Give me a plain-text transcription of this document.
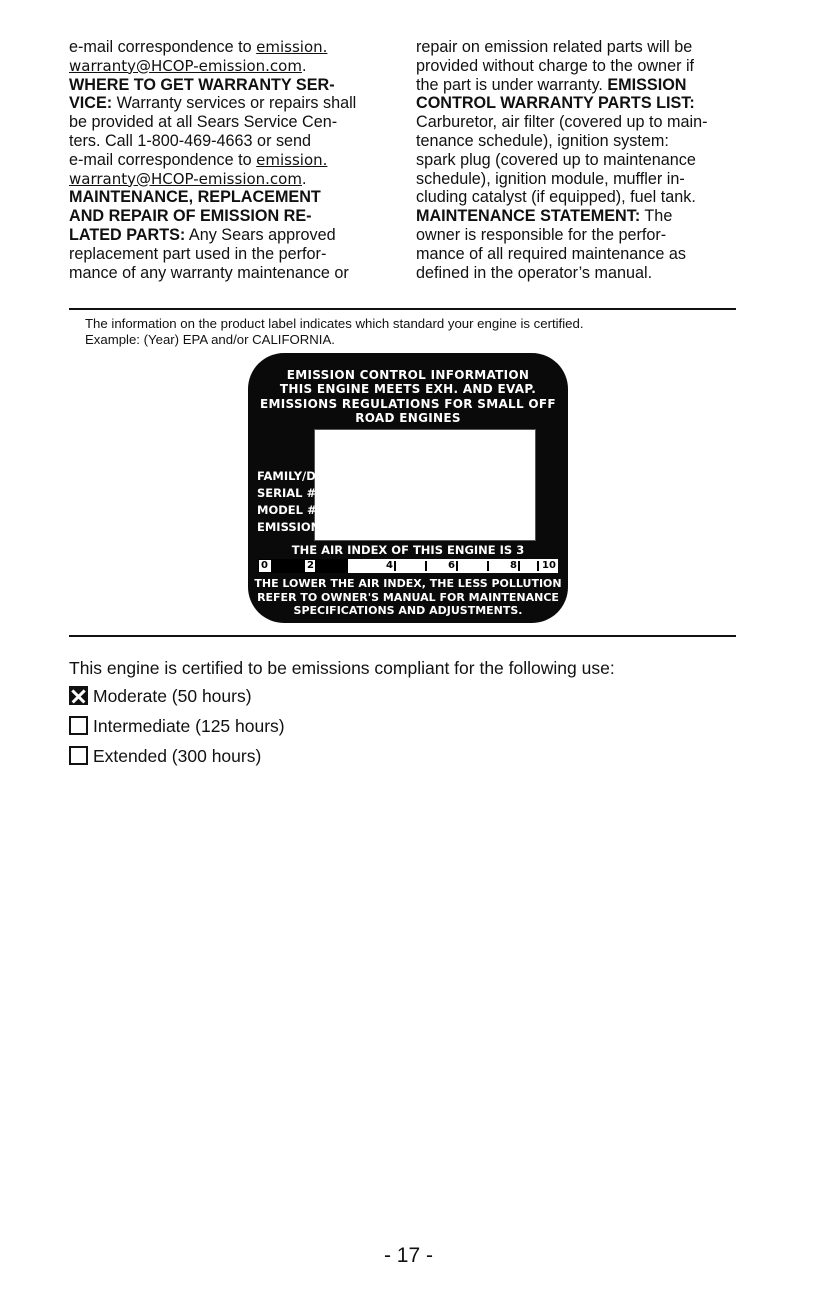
e-mail correspondence to emission.

warranty@HCOP-emission.com.

WHERE TO GET WARRANTY SER-

VICE: Warranty services or repairs shall

be provided at all Sears Service Cen-

ters. Call 1-800-469-4663 or send

e-mail correspondence to emission.

warranty@HCOP-emission.com.

MAINTENANCE, REPLACEMENT

AND REPAIR OF EMISSION RE-

LATED PARTS: Any Sears approved

replacement part used in the perfor-

mance of any warranty maintenance or

repair on emission related parts will be

provided without charge to the owner if

the part is under warranty. EMISSION

CONTROL WARRANTY PARTS LIST:

Carburetor, air filter (covered up to main-

tenance schedule), ignition system:

spark plug (covered up to maintenance

schedule), ignition module, muffler in-

cluding catalyst (if equipped), fuel tank.

MAINTENANCE STATEMENT: The

owner is responsible for the perfor-

mance of all required maintenance as

defined in the operator’s manual.

The information on the product label indicates which standard your engine is certified.

Example: (Year) EPA and/or CALIFORNIA.

EMISSION CONTROL INFORMATION
THIS ENGINE MEETS EXH. AND EVAP.
EMISSIONS REGULATIONS FOR SMALL OFF
ROAD ENGINES
FAMILY/DISP.
SERIAL #
MODEL #
EMISSION
THE AIR INDEX OF THIS ENGINE IS 3
0	2	4	6	8	10
THE LOWER THE AIR INDEX, THE LESS POLLUTION
REFER TO OWNER'S MANUAL FOR MAINTENANCE
SPECIFICATIONS AND ADJUSTMENTS.
This engine is certified to be emissions compliant for the following use:
Moderate (50 hours)
Intermediate (125 hours)
Extended (300 hours)
- 17 -
